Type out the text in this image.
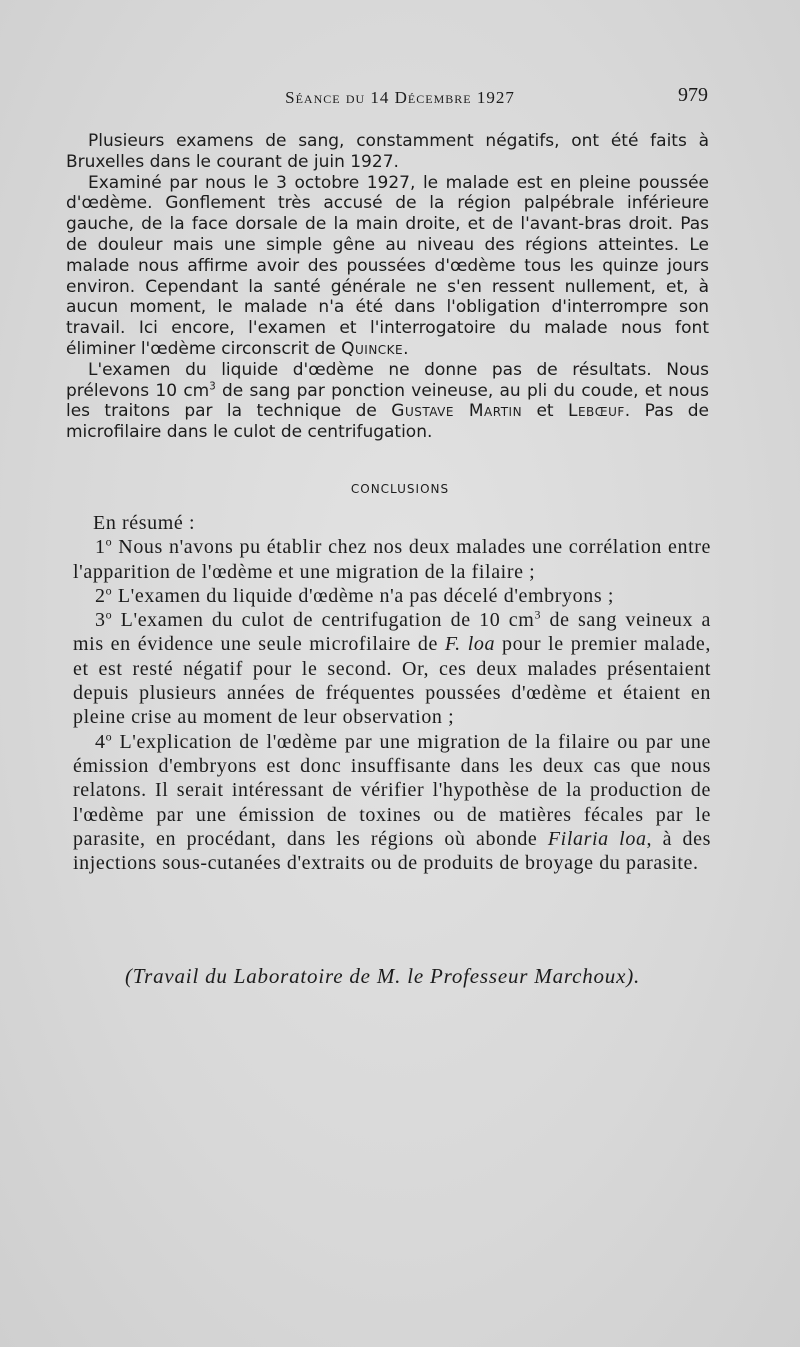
Séance du 14 Décembre 1927	979

Plusieurs examens de sang, constamment négatifs, ont été faits à Bruxelles dans le courant de juin 1927.

Examiné par nous le 3 octobre 1927, le malade est en pleine poussée d'œdème. Gonflement très accusé de la région palpébrale inférieure gauche, de la face dorsale de la main droite, et de l'avant-bras droit. Pas de douleur mais une simple gêne au niveau des régions atteintes. Le malade nous affirme avoir des poussées d'œdème tous les quinze jours environ. Cependant la santé générale ne s'en ressent nullement, et, à aucun moment, le malade n'a été dans l'obligation d'interrompre son travail. Ici encore, l'examen et l'interrogatoire du malade nous font éliminer l'œdème circonscrit de Quincke.

L'examen du liquide d'œdème ne donne pas de résultats. Nous prélevons 10 $cm^3$ de sang par ponction veineuse, au pli du coude, et nous les traitons par la technique de Gustave Martin et Lebœuf. Pas de microfilaire dans le culot de centrifugation.

CONCLUSIONS

En résumé :

1$^o$ Nous n'avons pu établir chez nos deux malades une corrélation entre l'apparition de l'œdème et une migration de la filaire ;

2$^o$ L'examen du liquide d'œdème n'a pas décelé d'embryons ;

3$^o$ L'examen du culot de centrifugation de 10 $cm^3$ de sang veineux a mis en évidence une seule microfilaire de F. loa pour le premier malade, et est resté négatif pour le second. Or, ces deux malades présentaient depuis plusieurs années de fréquentes poussées d'œdème et étaient en pleine crise au moment de leur observation ;

4$^o$ L'explication de l'œdème par une migration de la filaire ou par une émission d'embryons est donc insuffisante dans les deux cas que nous relatons. Il serait intéressant de vérifier l'hypothèse de la production de l'œdème par une émission de toxines ou de matières fécales par le parasite, en procédant, dans les régions où abonde Filaria loa, à des injections sous-cutanées d'extraits ou de produits de broyage du parasite.

(Travail du Laboratoire de M. le Professeur Marchoux).
